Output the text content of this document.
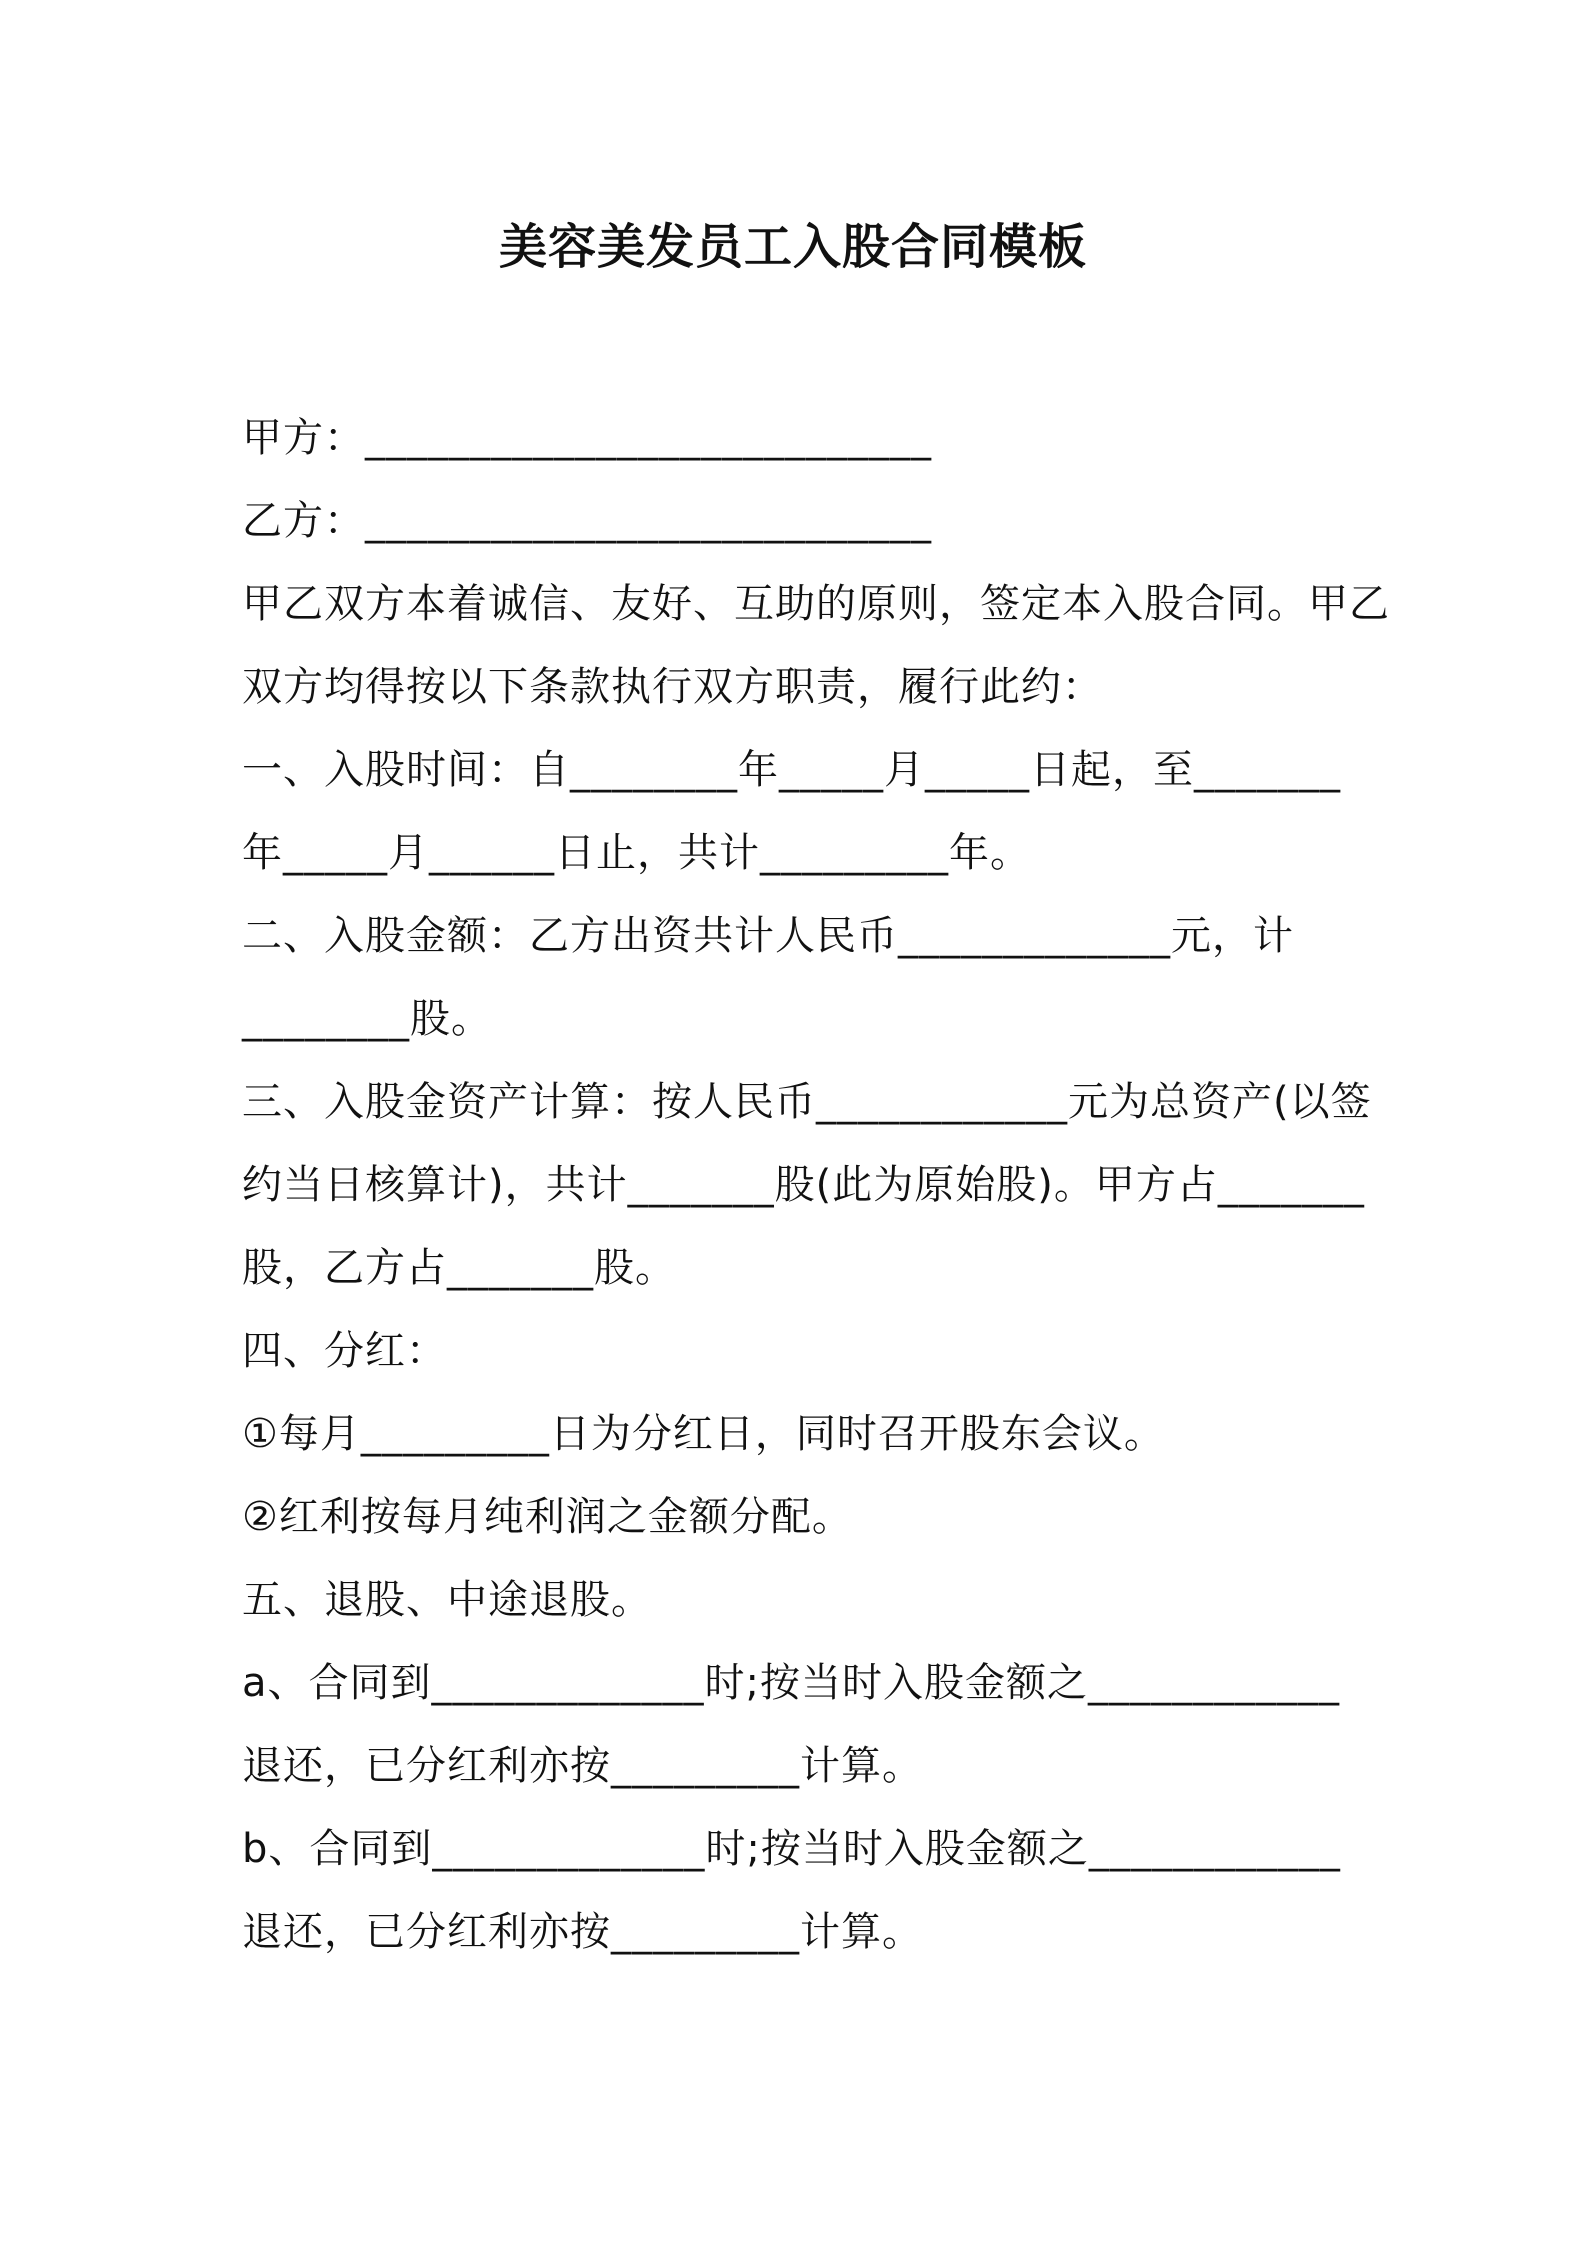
美容美发员工入股合同模板
甲方：___________________________
乙方：___________________________
甲乙双方本着诚信、友好、互助的原则，签定本入股合同。甲乙
双方均得按以下条款执行双方职责，履行此约：
一、入股时间：自________年_____月_____日起，至_______
年_____月______日止，共计_________年。
二、入股金额：乙方出资共计人民币_____________元，计
________股。
三、入股金资产计算：按人民币____________元为总资产(以签
约当日核算计)，共计_______股(此为原始股)。甲方占_______
股，乙方占_______股。
四、分红：
①每月_________日为分红日，同时召开股东会议。
②红利按每月纯利润之金额分配。
五、退股、中途退股。
a、合同到_____________时;按当时入股金额之____________
退还，已分红利亦按_________计算。
b、合同到_____________时;按当时入股金额之____________
退还，已分红利亦按_________计算。
